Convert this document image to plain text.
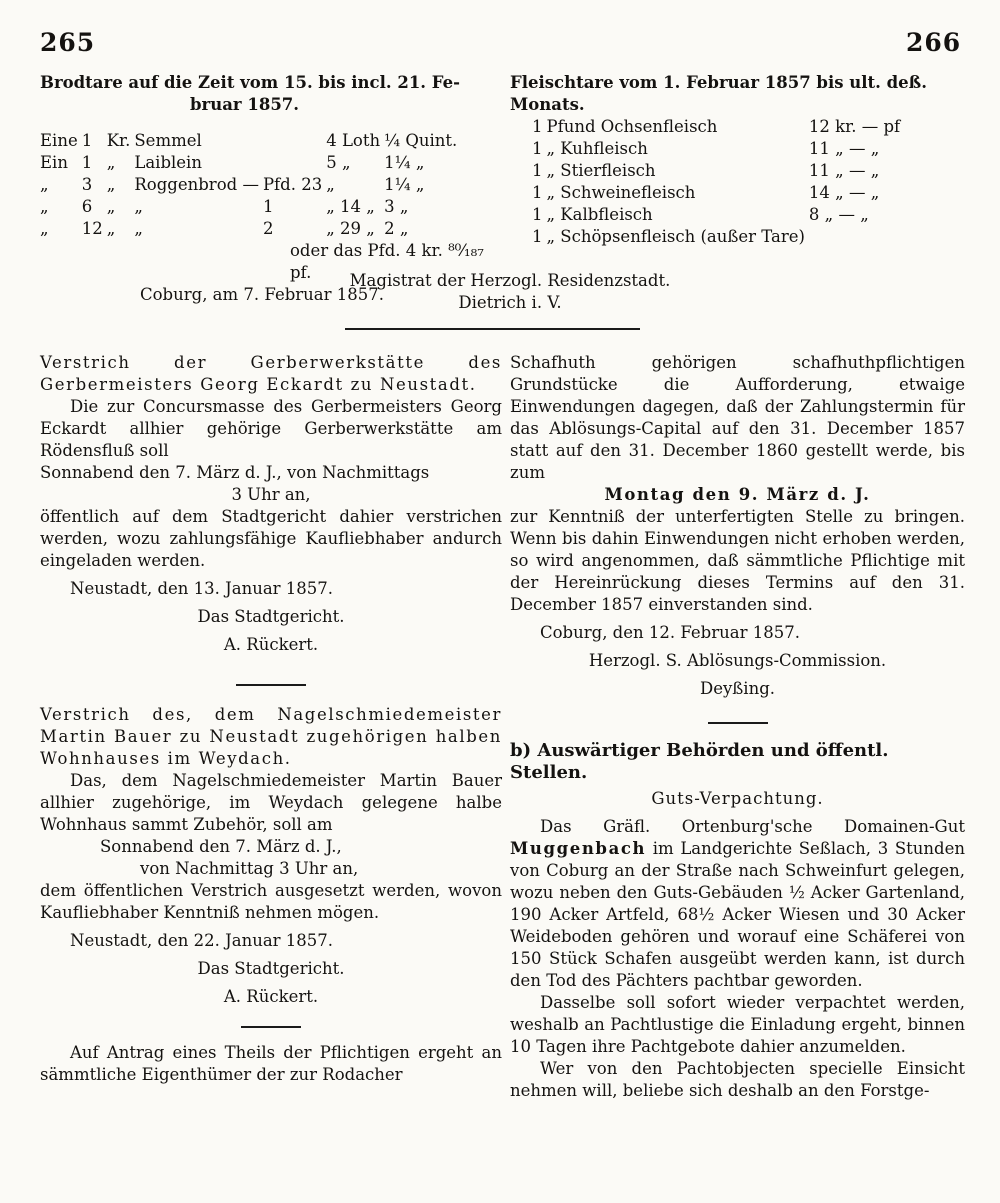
265	266

Brodtare auf die Zeit vom 15. bis incl. 21. Fe-

bruar 1857.

Eine	1	Kr.	Semmel		4 Loth	¼ Quint.
Ein	1	„	Laiblein		5 „	1¼ „
„	3	„	Roggenbrod —	Pfd. 23	„	1¼ „
„	6	„	„	1	„ 14 „	3 „
„	12	„	„	2	„ 29 „	2 „

oder das Pfd. 4 kr. ⁸⁰⁄₁₈₇ pf.

Coburg, am 7. Februar 1857.

Fleischtare vom 1. Februar 1857 bis ult. deß. Monats.

1	Pfund Ochsenfleisch	12 kr. — pf
1	„ Kuhfleisch	11 „ — „
1	„ Stierfleisch	11 „ — „
1	„ Schweinefleisch	14 „ — „
1	„ Kalbfleisch	8 „ — „
1	„ Schöpsenfleisch (außer Tare)	

Magistrat der Herzogl. Residenzstadt.

Dietrich i. V.

Verstrich der Gerberwerkstätte des Gerbermeisters Georg Eckardt zu Neustadt.

Die zur Concursmasse des Gerbermeisters Georg Eckardt allhier gehörige Gerberwerkstätte am Rödensfluß soll

Sonnabend den 7. März d. J., von Nachmittags

3 Uhr an,

öffentlich auf dem Stadtgericht dahier verstrichen werden, wozu zahlungsfähige Kaufliebhaber andurch eingeladen werden.

Neustadt, den 13. Januar 1857.

Das Stadtgericht.

A. Rückert.

Verstrich des, dem Nagelschmiedemeister Martin Bauer zu Neustadt zugehörigen halben Wohnhauses im Weydach.

Das, dem Nagelschmiedemeister Martin Bauer allhier zugehörige, im Weydach gelegene halbe Wohnhaus sammt Zubehör, soll am

Sonnabend den 7. März d. J.,

von Nachmittag 3 Uhr an,

dem öffentlichen Verstrich ausgesetzt werden, wovon Kaufliebhaber Kenntniß nehmen mögen.

Neustadt, den 22. Januar 1857.

Das Stadtgericht.

A. Rückert.

Auf Antrag eines Theils der Pflichtigen ergeht an sämmtliche Eigenthümer der zur Rodacher

Schafhuth gehörigen schafhuthpflichtigen Grundstücke die Aufforderung, etwaige Einwendungen dagegen, daß der Zahlungstermin für das Ablösungs-Capital auf den 31. December 1857 statt auf den 31. December 1860 gestellt werde, bis zum

Montag den 9. März d. J.

zur Kenntniß der unterfertigten Stelle zu bringen. Wenn bis dahin Einwendungen nicht erhoben werden, so wird angenommen, daß sämmtliche Pflichtige mit der Hereinrückung dieses Termins auf den 31. December 1857 einverstanden sind.

Coburg, den 12. Februar 1857.

Herzogl. S. Ablösungs-Commission.

Deyßing.

b) Auswärtiger Behörden und öffentl. Stellen.

Guts-Verpachtung.

Das Gräfl. Ortenburg'sche Domainen-Gut Muggenbach im Landgerichte Seßlach, 3 Stunden von Coburg an der Straße nach Schweinfurt gelegen, wozu neben den Guts-Gebäuden ½ Acker Gartenland, 190 Acker Artfeld, 68½ Acker Wiesen und 30 Acker Weideboden gehören und worauf eine Schäferei von 150 Stück Schafen ausgeübt werden kann, ist durch den Tod des Pächters pachtbar geworden.

Dasselbe soll sofort wieder verpachtet werden, weshalb an Pachtlustige die Einladung ergeht, binnen 10 Tagen ihre Pachtgebote dahier anzumelden.

Wer von den Pachtobjecten specielle Einsicht nehmen will, beliebe sich deshalb an den Forstge-
